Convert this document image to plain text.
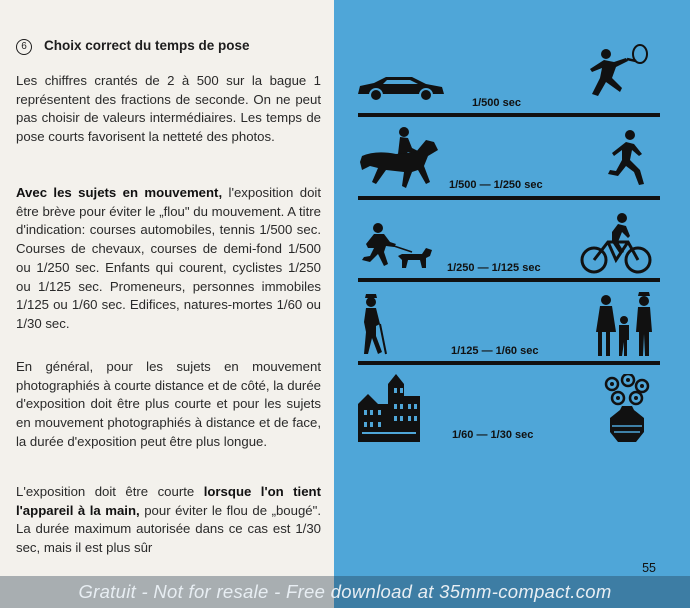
6 Choix correct du temps de pose
Les chiffres crantés de 2 à 500 sur la bague 1 représentent des fractions de seconde. On ne peut pas choisir de valeurs intermédiaires. Les temps de pose courts favorisent la netteté des photos.
Avec les sujets en mouvement, l'exposition doit être brève pour éviter le „flou" du mouvement. A titre d'indication: courses automobiles, tennis 1/500 sec. Courses de chevaux, courses de demi-fond 1/500 ou 1/250 sec. Enfants qui courent, cyclistes 1/250 ou 1/125 sec. Promeneurs, personnes immobiles 1/125 ou 1/60 sec. Edifices, natures-mortes 1/60 ou 1/30 sec.
En général, pour les sujets en mouvement photographiés à courte distance et de côté, la durée d'exposition doit être plus courte et pour les sujets en mouvement photographiés à distance et de face, la durée d'exposition peut être plus longue.
L'exposition doit être courte lorsque l'on tient l'appareil à la main, pour éviter le flou de „bougé". La durée maximum autorisée dans ce cas est 1/30 sec, mais il est plus sûr
1/500 sec
1/500 — 1/250 sec
1/250 — 1/125 sec
1/125 — 1/60 sec
1/60 — 1/30 sec
55
Gratuit - Not for resale - Free download at 35mm-compact.com
